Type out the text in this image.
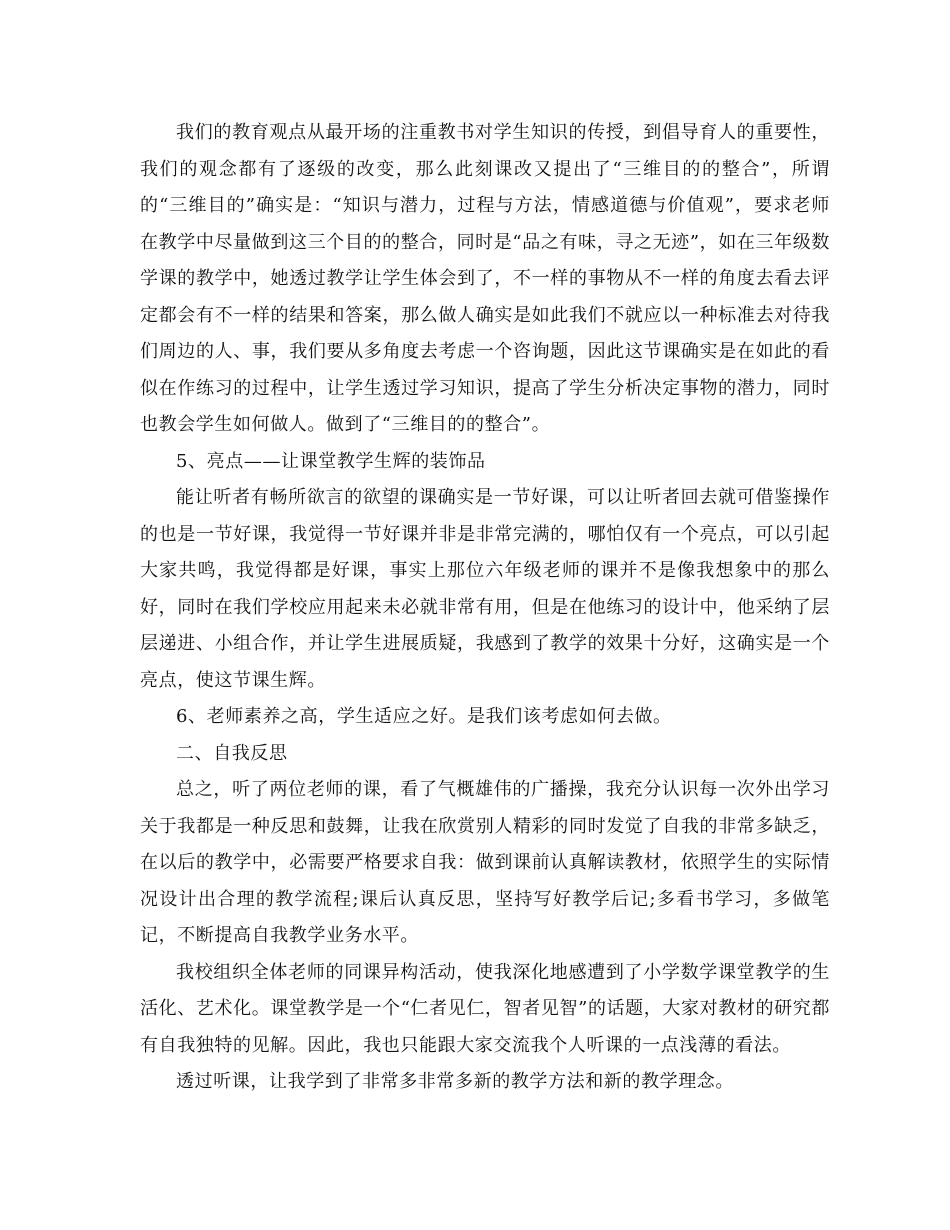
我们的教育观点从最开场的注重教书对学生知识的传授，到倡导育人的重要性，我们的观念都有了逐级的改变，那么此刻课改又提出了“三维目的的整合”，所谓的“三维目的”确实是：“知识与潜力，过程与方法，情感道德与价值观”，要求老师在教学中尽量做到这三个目的的整合，同时是“品之有味，寻之无迹”，如在三年级数学课的教学中，她透过教学让学生体会到了，不一样的事物从不一样的角度去看去评定都会有不一样的结果和答案，那么做人确实是如此我们不就应以一种标准去对待我们周边的人、事，我们要从多角度去考虑一个咨询题，因此这节课确实是在如此的看似在作练习的过程中，让学生透过学习知识，提高了学生分析决定事物的潜力，同时也教会学生如何做人。做到了“三维目的的整合”。

5、亮点——让课堂教学生辉的装饰品

能让听者有畅所欲言的欲望的课确实是一节好课，可以让听者回去就可借鉴操作的也是一节好课，我觉得一节好课并非是非常完满的，哪怕仅有一个亮点，可以引起大家共鸣，我觉得都是好课，事实上那位六年级老师的课并不是像我想象中的那么好，同时在我们学校应用起来未必就非常有用，但是在他练习的设计中，他采纳了层层递进、小组合作，并让学生进展质疑，我感到了教学的效果十分好，这确实是一个亮点，使这节课生辉。

6、老师素养之高，学生适应之好。是我们该考虑如何去做。

二、自我反思

总之，听了两位老师的课，看了气概雄伟的广播操，我充分认识每一次外出学习关于我都是一种反思和鼓舞，让我在欣赏别人精彩的同时发觉了自我的非常多缺乏，在以后的教学中，必需要严格要求自我：做到课前认真解读教材，依照学生的实际情况设计出合理的教学流程;课后认真反思，坚持写好教学后记;多看书学习，多做笔记，不断提高自我教学业务水平。

我校组织全体老师的同课异构活动，使我深化地感遭到了小学数学课堂教学的生活化、艺术化。课堂教学是一个“仁者见仁，智者见智”的话题，大家对教材的研究都有自我独特的见解。因此，我也只能跟大家交流我个人听课的一点浅薄的看法。

透过听课，让我学到了非常多非常多新的教学方法和新的教学理念。
